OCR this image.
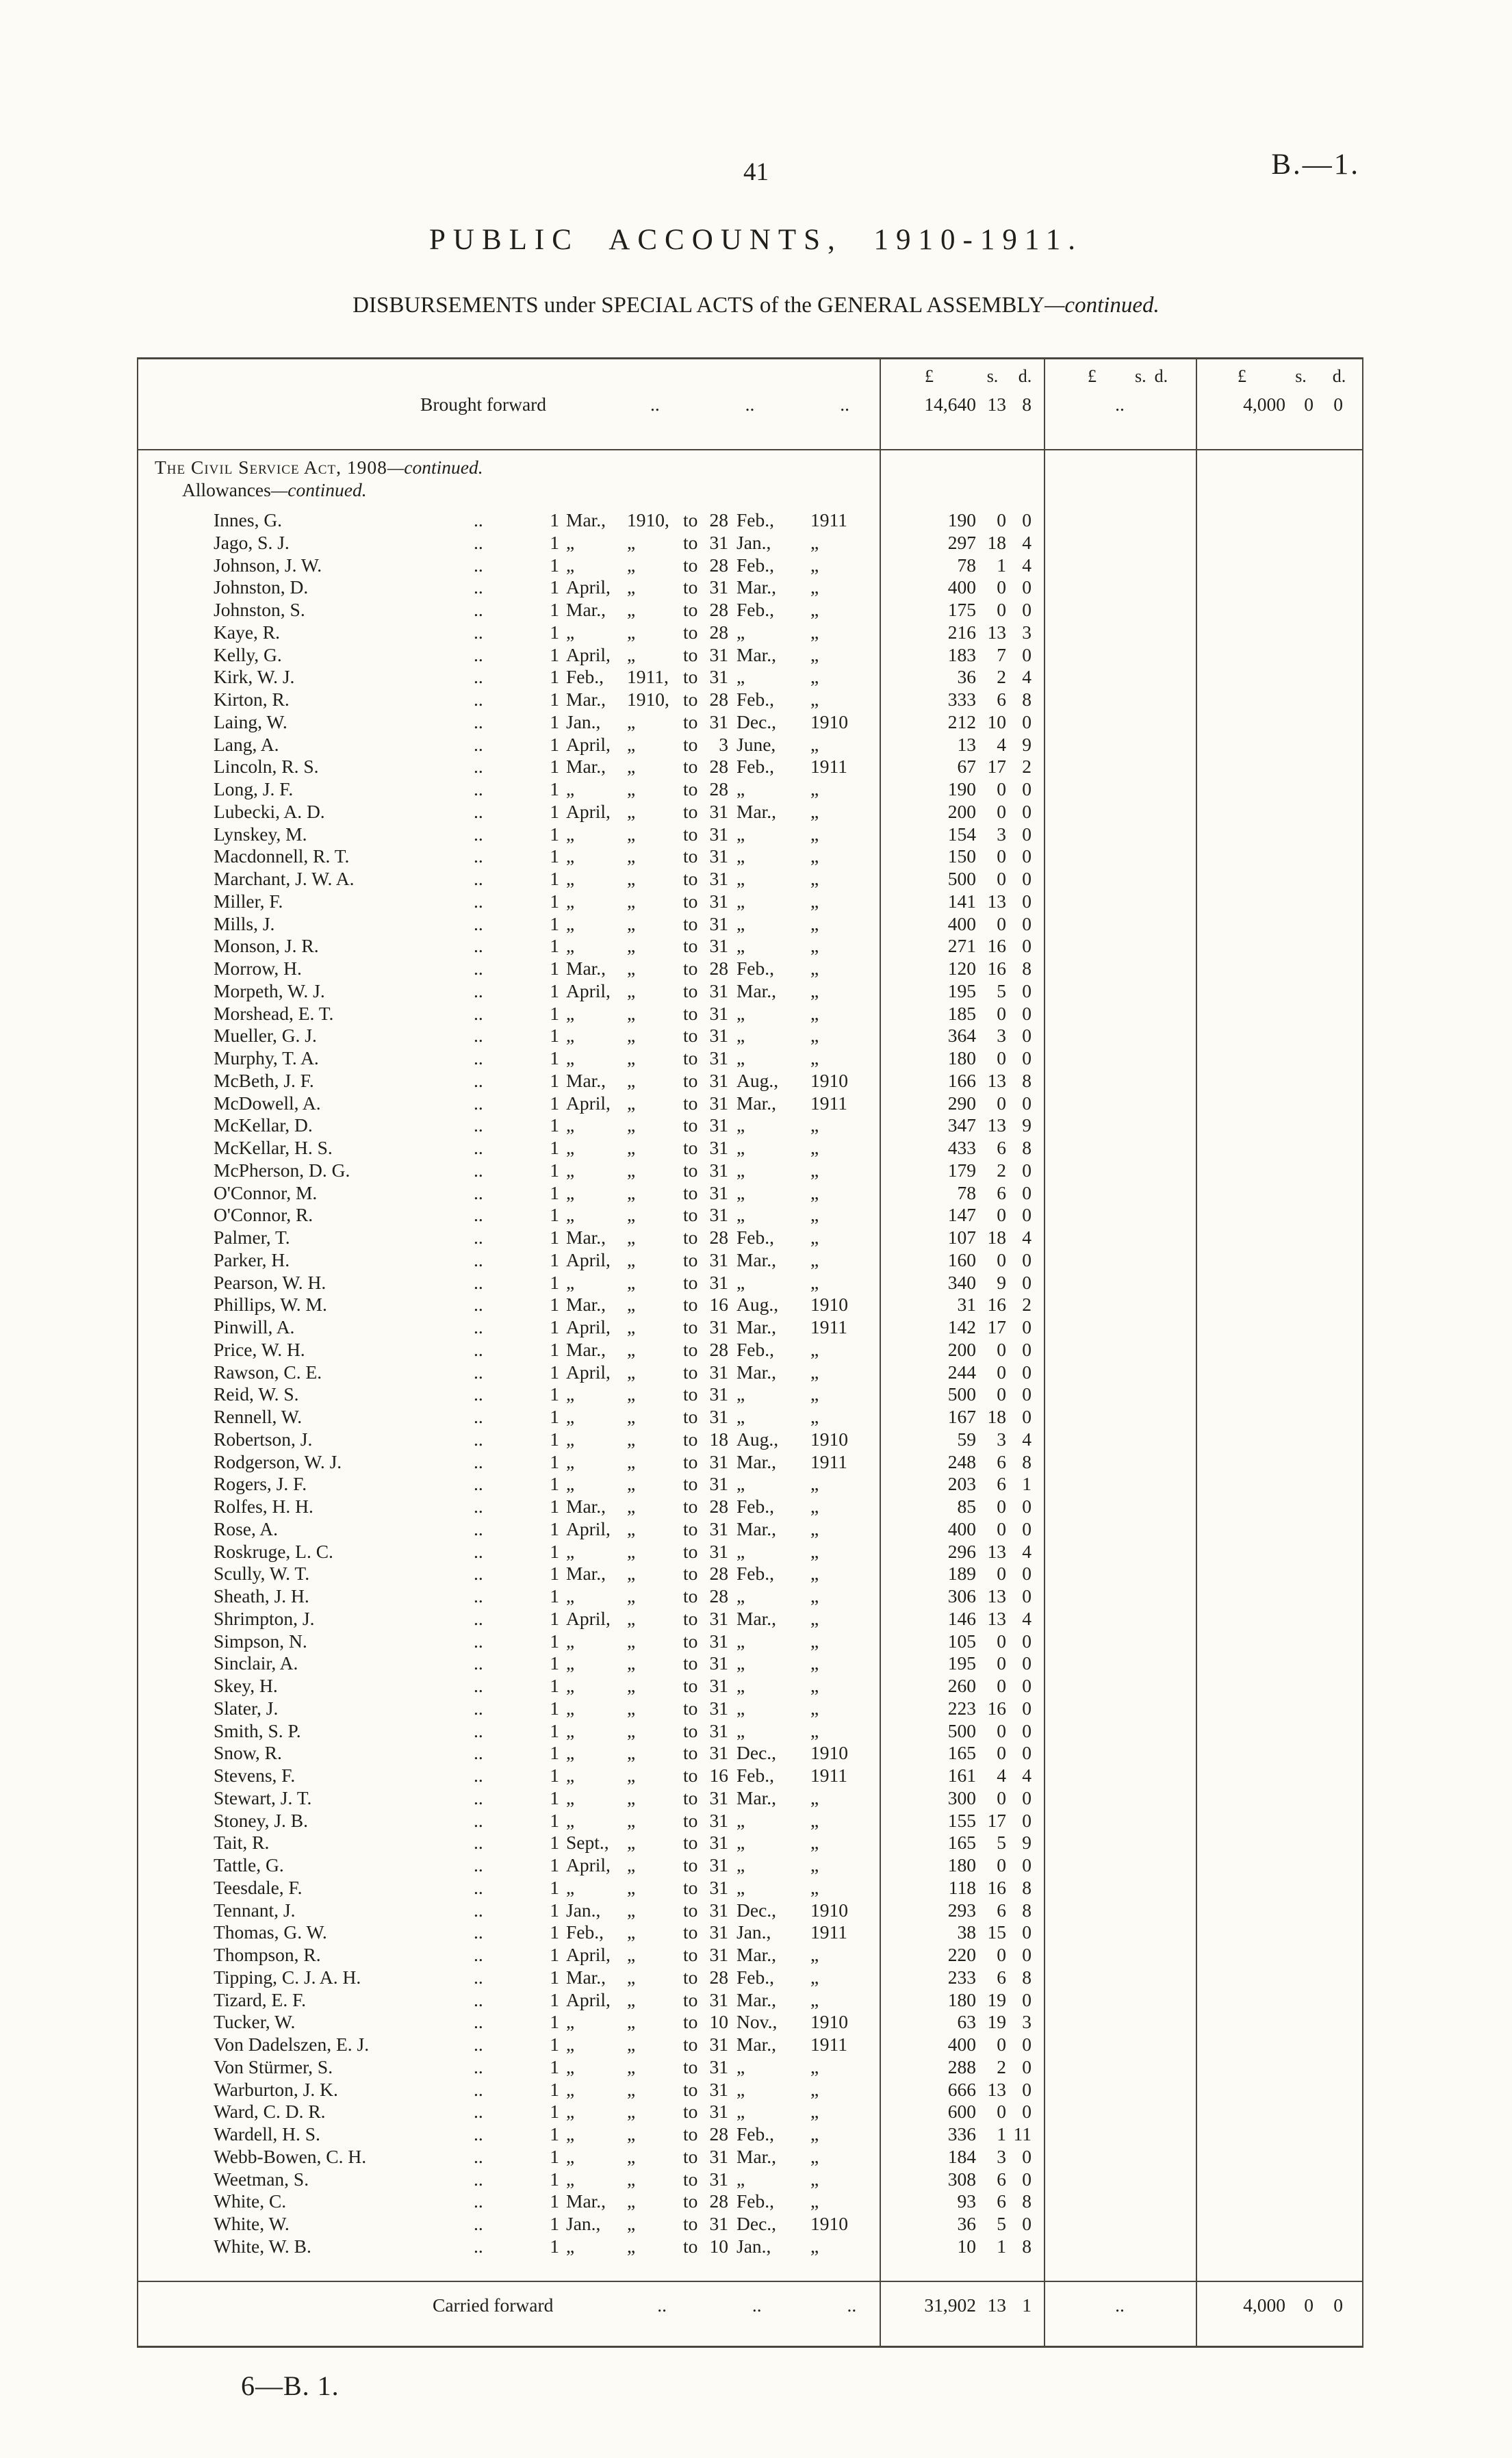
41	B.—1.
PUBLIC ACCOUNTS, 1910-1911.
DISBURSEMENTS under SPECIAL ACTS of the GENERAL ASSEMBLY—continued.
£	s.	d.	£ s. d.	£	s.	d.
Brought forward	..	..	..	14,640 13 8	..	4,000 0	0
The Civil Service Act, 1908—continued.
Allowances—continued.
Innes, G.	..	1 Mar.,	1910, to 28 Feb.,	1911	190	0 0
Jago, S. J.	..	1 „	„	to 31 Jan.,	„	297 18 4
Johnson, J. W.	..	1 „	„	to 28 Feb.,	„	78	1 4
Johnston, D.	..	1 April, „	to 31 Mar.,	„	400	0 0
Johnston, S.	..	1 Mar.,	„	to 28 Feb.,	„	175	0 0
Kaye, R.	..	1 „	„	to 28 „	„	216 13 3
Kelly, G.	..	1 April, „	to 31 Mar.,	„	183	7 0
Kirk, W. J.	..	1 Feb.,	1911, to 31 „	„	36	2 4
Kirton, R.	..	1 Mar.,	1910, to 28 Feb.,	„	333	6 8
Laing, W.	..	1 Jan.,	„	to 31 Dec.,	1910	212 10 0
Lang, A.	..	1 April, „	to	3 June,	„	13	4 9
Lincoln, R. S.	..	1 Mar.,	„	to 28 Feb.,	1911	67 17 2
Long, J. F.	..	1 „	„	to 28 „	„	190	0 0
Lubecki, A. D.	..	1 April, „	to 31 Mar.,	„	200	0 0
Lynskey, M.	..	1 „	„	to 31 „	„	154	3 0
Macdonnell, R. T.	..	1 „	„	to 31 „	„	150	0 0
Marchant, J. W. A.	..	1 „	„	to 31 „	„	500	0 0
Miller, F.	..	1 „	„	to 31 „	„	141 13 0
Mills, J.	..	1 „	„	to 31 „	„	400	0 0
Monson, J. R.	..	1 „	„	to 31 „	„	271 16 0
Morrow, H.	..	1 Mar.,	„	to 28 Feb.,	„	120 16 8
Morpeth, W. J.	..	1 April, „	to 31 Mar.,	„	195	5 0
Morshead, E. T.	..	1 „	„	to 31 „	„	185	0 0
Mueller, G. J.	..	1 „	„	to 31 „	„	364	3 0
Murphy, T. A.	..	1 „	„	to 31 „	„	180	0 0
McBeth, J. F.	..	1 Mar.,	„	to 31 Aug.,	1910	166 13 8
McDowell, A.	..	1 April, „	to 31 Mar.,	1911	290	0 0
McKellar, D.	..	1 „	„	to 31 „	„	347 13 9
McKellar, H. S.	..	1 „	„	to 31 „	„	433	6 8
McPherson, D. G.	..	1 „	„	to 31 „	„	179	2 0
O'Connor, M.	..	1 „	„	to 31 „	„	78	6 0
O'Connor, R.	..	1 „	„	to 31 „	„	147	0 0
Palmer, T.	..	1 Mar.,	„	to 28 Feb.,	„	107 18 4
Parker, H.	..	1 April, „	to 31 Mar.,	„	160	0 0
Pearson, W. H.	..	1 „	„	to 31 „	„	340	9 0
Phillips, W. M.	..	1 Mar.,	„	to 16 Aug.,	1910	31 16 2
Pinwill, A.	..	1 April, „	to 31 Mar.,	1911	142 17 0
Price, W. H.	..	1 Mar.,	„	to 28 Feb.,	„	200	0 0
Rawson, C. E.	..	1 April, „	to 31 Mar.,	„	244	0 0
Reid, W. S.	..	1 „	„	to 31 „	„	500	0 0
Rennell, W.	..	1 „	„	to 31 „	„	167 18 0
Robertson, J.	..	1 „	„	to 18 Aug.,	1910	59	3 4
Rodgerson, W. J.	..	1 „	„	to 31 Mar.,	1911	248	6 8
Rogers, J. F.	..	1 „	„	to 31 „	„	203	6 1
Rolfes, H. H.	..	1 Mar.,	„	to 28 Feb.,	„	85	0 0
Rose, A.	..	1 April, „	to 31 Mar.,	„	400	0 0
Roskruge, L. C.	..	1 „	„	to 31 „	„	296 13 4
Scully, W. T.	..	1 Mar.,	„	to 28 Feb.,	„	189	0 0
Sheath, J. H.	..	1 „	„	to 28 „	„	306 13 0
Shrimpton, J.	..	1 April, „	to 31 Mar.,	„	146 13 4
Simpson, N.	..	1 „	„	to 31 „	„	105	0 0
Sinclair, A.	..	1 „	„	to 31 „	„	195	0 0
Skey, H.	..	1 „	„	to 31 „	„	260	0 0
Slater, J.	..	1 „	„	to 31 „	„	223 16 0
Smith, S. P.	..	1 „	„	to 31 „	„	500	0 0
Snow, R.	..	1 „	„	to 31 Dec.,	1910	165	0 0
Stevens, F.	..	1 „	„	to 16 Feb.,	1911	161	4 4
Stewart, J. T.	..	1 „	„	to 31 Mar.,	„	300	0 0
Stoney, J. B.	..	1 „	„	to 31 „	„	155 17 0
Tait, R.	..	1 Sept., „	to 31 „	„	165	5 9
Tattle, G.	..	1 April, „	to 31 „	„	180	0 0
Teesdale, F.	..	1 „	„	to 31 „	„	118 16 8
Tennant, J.	..	1 Jan.,	„	to 31 Dec.,	1910	293	6 8
Thomas, G. W.	..	1 Feb.,	„	to 31 Jan.,	1911	38 15 0
Thompson, R.	..	1 April, „	to 31 Mar.,	„	220	0 0
Tipping, C. J. A. H.	..	1 Mar.,	„	to 28 Feb.,	„	233	6 8
Tizard, E. F.	..	1 April, „	to 31 Mar.,	„	180 19 0
Tucker, W.	..	1 „	„	to 10 Nov.,	1910	63 19 3
Von Dadelszen, E. J.	..	1 „	„	to 31 Mar.,	1911	400	0 0
Von Stürmer, S.	..	1 „	„	to 31 „	„	288	2 0
Warburton, J. K.	..	1 „	„	to 31 „	„	666 13 0
Ward, C. D. R.	..	1 „	„	to 31 „	„	600	0 0
Wardell, H. S.	..	1 „	„	to 28 Feb.,	„	336	1 11
Webb-Bowen, C. H.	..	1 „	„	to 31 Mar.,	„	184	3 0
Weetman, S.	..	1 „	„	to 31 „	„	308	6 0
White, C.	..	1 Mar.,	„	to 28 Feb.,	„	93	6 8
White, W.	..	1 Jan.,	„	to 31 Dec.,	1910	36	5 0
White, W. B.	..	1 „	„	to 10 Jan.,	„	10	1 8
Carried forward	..	..	..	31,902 13 1	..	4,000 0	0
6—B. 1.
